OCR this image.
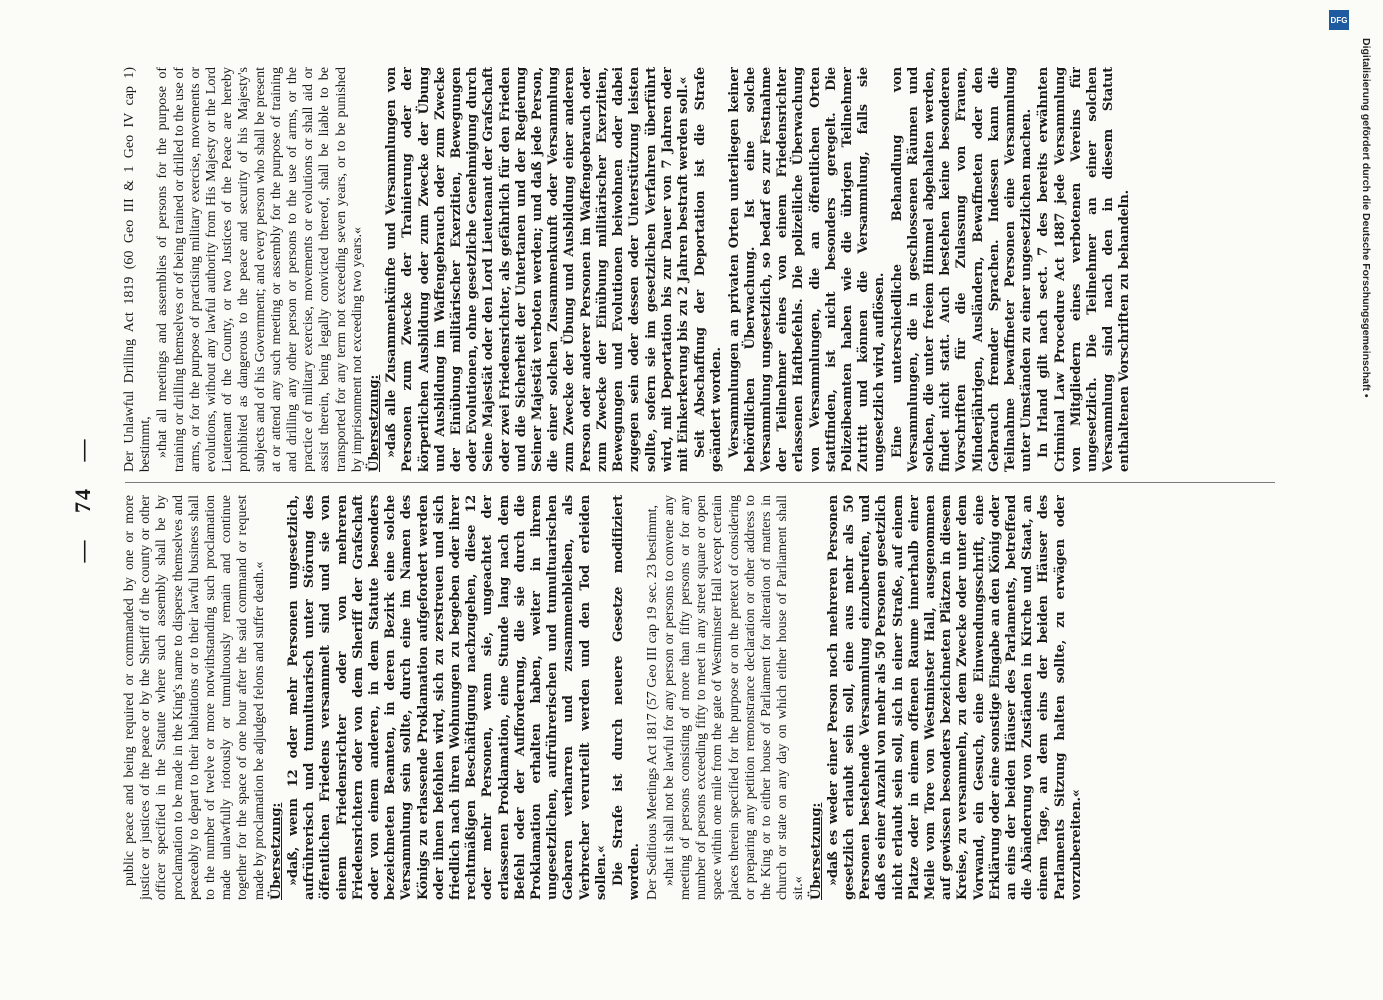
— 74 —
public peace and being required or commanded by one or more justice or justices of the peace or by the Sheriff of the county or other officer specified in the Statute where such assembly shall be by proclamation to be made in the King's name to disperse themselves and peaceably to depart to their habitations or to their lawful business shall to the number of twelve or more notwithstanding such proclamation made unlawfully riotously or tumultuously remain and continue together for the space of one hour after the said command or request made by proclamation be adjudged felons and suffer death.« Übersetzung: »daß, wenn 12 oder mehr Personen ungesetzlich, aufrührerisch und tumultuarisch unter Störung des öffentlichen Friedens versammelt sind und sie von einem Friedensrichter oder von mehreren Friedensrichtern oder von dem Sheriff der Grafschaft oder von einem anderen, in dem Statute besonders bezeichneten Beamten, in deren Bezirk eine solche Versammlung sein sollte, durch eine im Namen des Königs zu erlassende Proklamation aufgefordert werden oder ihnen befohlen wird, sich zu zerstreuen und sich friedlich nach ihren Wohnungen zu begeben oder ihrer rechtmäßigen Beschäftigung nachzugehen, diese 12 oder mehr Personen, wenn sie, ungeachtet der erlassenen Proklamation, eine Stunde lang nach dem Befehl oder der Aufforderung, die sie durch die Proklamation erhalten haben, weiter in ihrem ungesetzlichen, aufrührerischen und tumultuarischen Gebaren verharren und zusammenbleiben, als Verbrecher verurteilt werden und den Tod erleiden sollen.« Die Strafe ist durch neuere Gesetze modifiziert worden. Der Seditious Meetings Act 1817 (57 Geo III cap 19 sec. 23 bestimmt, »that it shall not be lawful for any person or persons to convene any meeting of persons consisting of more than fifty persons or for any number of persons exceeding fifty to meet in any street square or open space within one mile from the gate of Westminster Hall except certain places therein specified for the purpose or on the pretext of considering or preparing any petition remonstrance declaration or other address to the King or to either house of Parliament for alteration of matters in church or state on any day on which either house of Parliament shall sit.« Übersetzung: »daß es weder einer Person noch mehreren Personen gesetzlich erlaubt sein soll, eine aus mehr als 50 Personen bestehende Versammlung einzuberufen, und daß es einer Anzahl von mehr als 50 Personen gesetzlich nicht erlaubt sein soll, sich in einer Straße, auf einem Platze oder in einem offenen Raume innerhalb einer Meile vom Tore von Westminster Hall, ausgenommen auf gewissen besonders bezeichneten Plätzen in diesem Kreise, zu versammeln, zu dem Zwecke oder unter dem Vorwand, ein Gesuch, eine Einwendungsschrift, eine Erklärung oder eine sonstige Eingabe an den König oder an eins der beiden Häuser des Parlaments, betreffend die Abänderung von Zuständen in Kirche und Staat, an einem Tage, an dem eins der beiden Häuser des Parlaments Sitzung halten sollte, zu erwägen oder vorzubereiten.«
Der Unlawful Drilling Act 1819 (60 Geo III & 1 Geo IV cap 1) bestimmt, »that all meetings and assemblies of persons for the purpose of training or drilling themselves or of being trained or drilled to the use of arms, or for the purpose of practising military exercise, movements or evolutions, without any lawful authority from His Majesty or the Lord Lieutenant of the County, or two Justices of the Peace are hereby prohibited as dangerous to the peace and security of his Majesty's subjects and of his Government; and every person who shall be present at or attend any such meeting or assembly for the purpose of training and drilling any other person or persons to the use of arms, or the practice of military exercise, movements or evolutions or shall aid or assist therein, being legally convicted thereof, shall be liable to be transported for any term not exceeding seven years, or to be punished by imprisonment not exceeding two years.« Übersetzung: »daß alle Zusammenkünfte und Versammlungen von Personen zum Zwecke der Trainierung oder der körperlichen Ausbildung oder zum Zwecke der Übung und Ausbildung im Waffengebrauch oder zum Zwecke der Einübung militärischer Exerzitien, Bewegungen oder Evolutionen, ohne gesetzliche Genehmigung durch Seine Majestät oder den Lord Lieutenant der Grafschaft oder zwei Friedensrichter, als gefährlich für den Frieden und die Sicherheit der Untertanen und der Regierung Seiner Majestät verboten werden; und daß jede Person, die einer solchen Zusammenkunft oder Versammlung zum Zwecke der Übung und Ausbildung einer anderen Person oder anderer Personen im Waffengebrauch oder zum Zwecke der Einübung militärischer Exerzitien, Bewegungen und Evolutionen beiwohnen oder dabei zugegen sein oder dessen oder Unterstützung leisten sollte, sofern sie im gesetzlichen Verfahren überführt wird, mit Deportation bis zur Dauer von 7 Jahren oder mit Einkerkerung bis zu 2 Jahren bestraft werden soll.« Seit Abschaffung der Deportation ist die Strafe geändert worden. Versammlungen an privaten Orten unterliegen keiner behördlichen Überwachung. Ist eine solche Versammlung ungesetzlich, so bedarf es zur Festnahme der Teilnehmer eines von einem Friedensrichter erlassenen Haftbefehls. Die polizeiliche Überwachung von Versammlungen, die an öffentlichen Orten stattfinden, ist nicht besonders geregelt. Die Polizeibeamten haben wie die übrigen Teilnehmer Zutritt und können die Versammlung, falls sie ungesetzlich wird, auflösen. Eine unterschiedliche Behandlung von Versammlungen, die in geschlossenen Räumen und solchen, die unter freiem Himmel abgehalten werden, findet nicht statt. Auch bestehen keine besonderen Vorschriften für die Zulassung von Frauen, Minderjährigen, Ausländern, Bewaffneten oder den Gebrauch fremder Sprachen. Indessen kann die Teilnahme bewaffneter Personen eine Versammlung unter Umständen zu einer ungesetzlichen machen. In Irland gilt nach sect. 7 des bereits erwähnten Criminal Law Procedure Act 1887 jede Versammlung von Mitgliedern eines verbotenen Vereins für ungesetzlich. Die Teilnehmer an einer solchen Versammlung sind nach den in diesem Statut enthaltenen Vorschriften zu behandeln.
DFG
Digitalisierung gefördert durch die Deutsche Forschungsgemeinschaft •
